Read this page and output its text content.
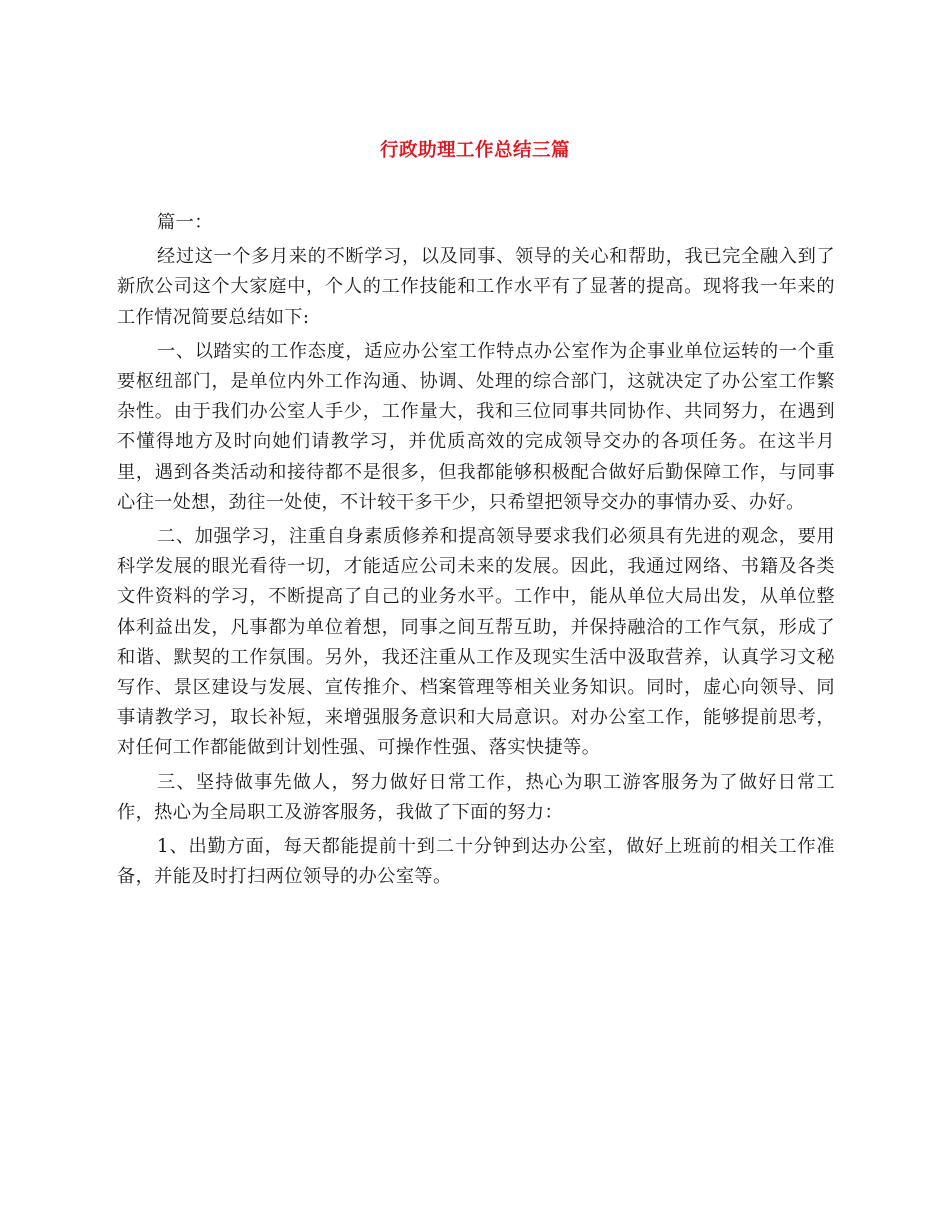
行政助理工作总结三篇

篇一：

经过这一个多月来的不断学习，以及同事、领导的关心和帮助，我已完全融入到了新欣公司这个大家庭中，个人的工作技能和工作水平有了显著的提高。现将我一年来的工作情况简要总结如下:

一、以踏实的工作态度，适应办公室工作特点办公室作为企事业单位运转的一个重要枢纽部门，是单位内外工作沟通、协调、处理的综合部门，这就决定了办公室工作繁杂性。由于我们办公室人手少，工作量大，我和三位同事共同协作、共同努力，在遇到不懂得地方及时向她们请教学习，并优质高效的完成领导交办的各项任务。在这半月里，遇到各类活动和接待都不是很多，但我都能够积极配合做好后勤保障工作，与同事心往一处想，劲往一处使，不计较干多干少，只希望把领导交办的事情办妥、办好。

二、加强学习，注重自身素质修养和提高领导要求我们必须具有先进的观念，要用科学发展的眼光看待一切，才能适应公司未来的发展。因此，我通过网络、书籍及各类文件资料的学习，不断提高了自己的业务水平。工作中，能从单位大局出发，从单位整体利益出发，凡事都为单位着想，同事之间互帮互助，并保持融洽的工作气氛，形成了和谐、默契的工作氛围。另外，我还注重从工作及现实生活中汲取营养，认真学习文秘写作、景区建设与发展、宣传推介、档案管理等相关业务知识。同时，虚心向领导、同事请教学习，取长补短，来增强服务意识和大局意识。对办公室工作，能够提前思考，对任何工作都能做到计划性强、可操作性强、落实快捷等。

三、坚持做事先做人，努力做好日常工作，热心为职工游客服务为了做好日常工作，热心为全局职工及游客服务，我做了下面的努力：

1、出勤方面，每天都能提前十到二十分钟到达办公室，做好上班前的相关工作准备，并能及时打扫两位领导的办公室等。
